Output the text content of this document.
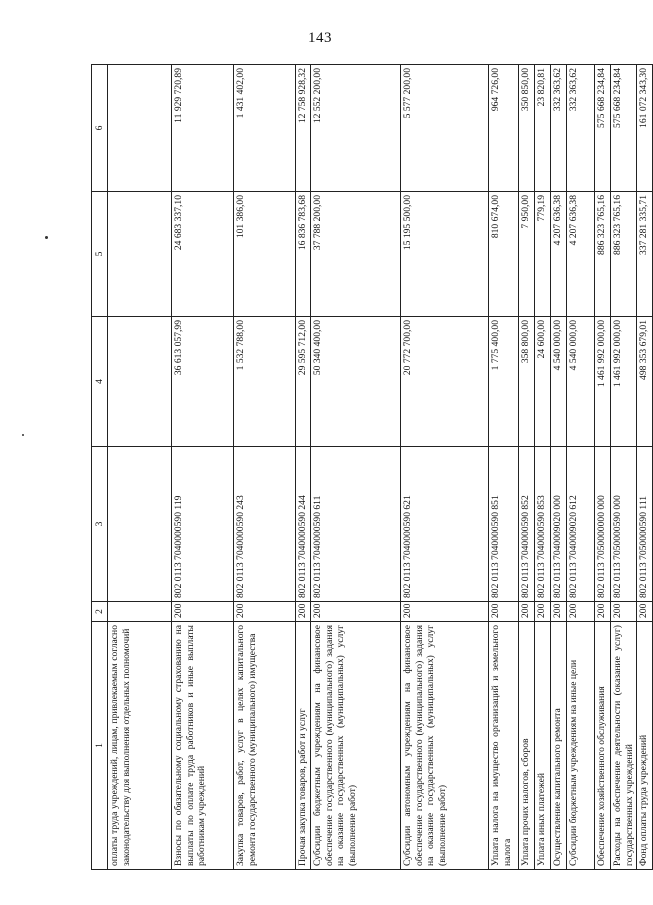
143
1	2	3	4	5	6
оплаты труда учреждений, лицам, привлекаемым согласно законодательству для выполнения отдельных полномочий					
Взносы по обязательному социальному страхованию на выплаты по оплате труда работников и иные выплаты работникам учреждений	200	802 0113 7040000590 119	36 613 057,99	24 683 337,10	11 929 720,89
Закупка товаров, работ, услуг в целях капитального ремонта государственного (муниципального) имущества	200	802 0113 7040000590 243	1 532 788,00	101 386,00	1 431 402,00
Прочая закупка товаров, работ и услуг	200	802 0113 7040000590 244	29 595 712,00	16 836 783,68	12 758 928,32
Субсидии бюджетным учреждениям на финансовое обеспечение государственного (муниципального) задания на оказание государственных (муниципальных) услуг (выполнение работ)	200	802 0113 7040000590 611	50 340 400,00	37 788 200,00	12 552 200,00
Субсидии автономным учреждениям на финансовое обеспечение государственного (муниципального) задания на оказание государственных (муниципальных) услуг (выполнение работ)	200	802 0113 7040000590 621	20 772 700,00	15 195 500,00	5 577 200,00
Уплата налога на имущество организаций и земельного налога	200	802 0113 7040000590 851	1 775 400,00	810 674,00	964 726,00
Уплата прочих налогов, сборов	200	802 0113 7040000590 852	358 800,00	7 950,00	350 850,00
Уплата иных платежей	200	802 0113 7040000590 853	24 600,00	779,19	23 820,81
Осуществление капитального ремонта	200	802 0113 7040009020 000	4 540 000,00	4 207 636,38	332 363,62
Субсидии бюджетным учреждениям на иные цели	200	802 0113 7040009020 612	4 540 000,00	4 207 636,38	332 363,62
Обеспечение хозяйственного обслуживания	200	802 0113 7050000000 000	1 461 992 000,00	886 323 765,16	575 668 234,84
Расходы на обеспечение деятельности (оказание услуг) государственных учреждений	200	802 0113 7050000590 000	1 461 992 000,00	886 323 765,16	575 668 234,84
Фонд оплаты труда учреждений	200	802 0113 7050000590 111	498 353 679,01	337 281 335,71	161 072 343,30
